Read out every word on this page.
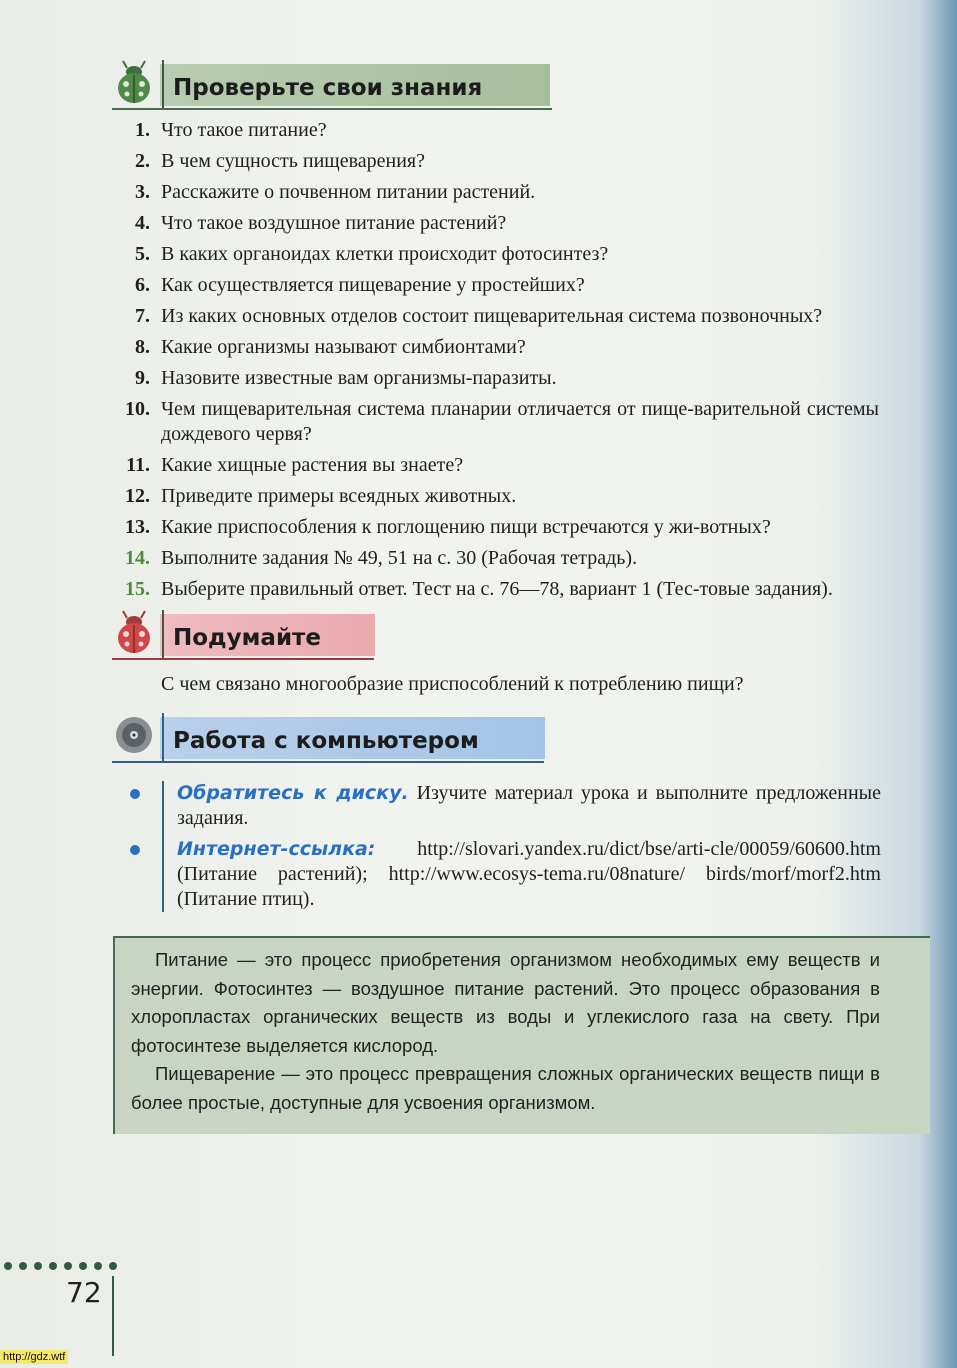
Проверьте свои знания
1. Что такое питание?
2. В чем сущность пищеварения?
3. Расскажите о почвенном питании растений.
4. Что такое воздушное питание растений?
5. В каких органоидах клетки происходит фотосинтез?
6. Как осуществляется пищеварение у простейших?
7. Из каких основных отделов состоит пищеварительная система позвоночных?
8. Какие организмы называют симбионтами?
9. Назовите известные вам организмы-паразиты.
10. Чем пищеварительная система планарии отличается от пище-варительной системы дождевого червя?
11. Какие хищные растения вы знаете?
12. Приведите примеры всеядных животных.
13. Какие приспособления к поглощению пищи встречаются у жи-вотных?
14. Выполните задания № 49, 51 на с. 30 (Рабочая тетрадь).
15. Выберите правильный ответ. Тест на с. 76—78, вариант 1 (Тес-товые задания).
Подумайте
С чем связано многообразие приспособлений к потреблению пищи?
Работа с компьютером
Обратитесь к диску. Изучите материал урока и выполните предложенные задания.
Интернет-ссылка: http://slovari.yandex.ru/dict/bse/arti-cle/00059/60600.htm (Питание растений); http://www.ecosys-tema.ru/08nature/ birds/morf/morf2.htm (Питание птиц).

Питание — это процесс приобретения организмом необходимых ему веществ и энергии. Фотосинтез — воздушное питание растений. Это процесс образования в хлоропластах органических веществ из воды и углекислого газа на свету. При фотосинтезе выделяется кислород.

Пищеварение — это процесс превращения сложных органических веществ пищи в более простые, доступные для усвоения организмом.

72
http://gdz.wtf
